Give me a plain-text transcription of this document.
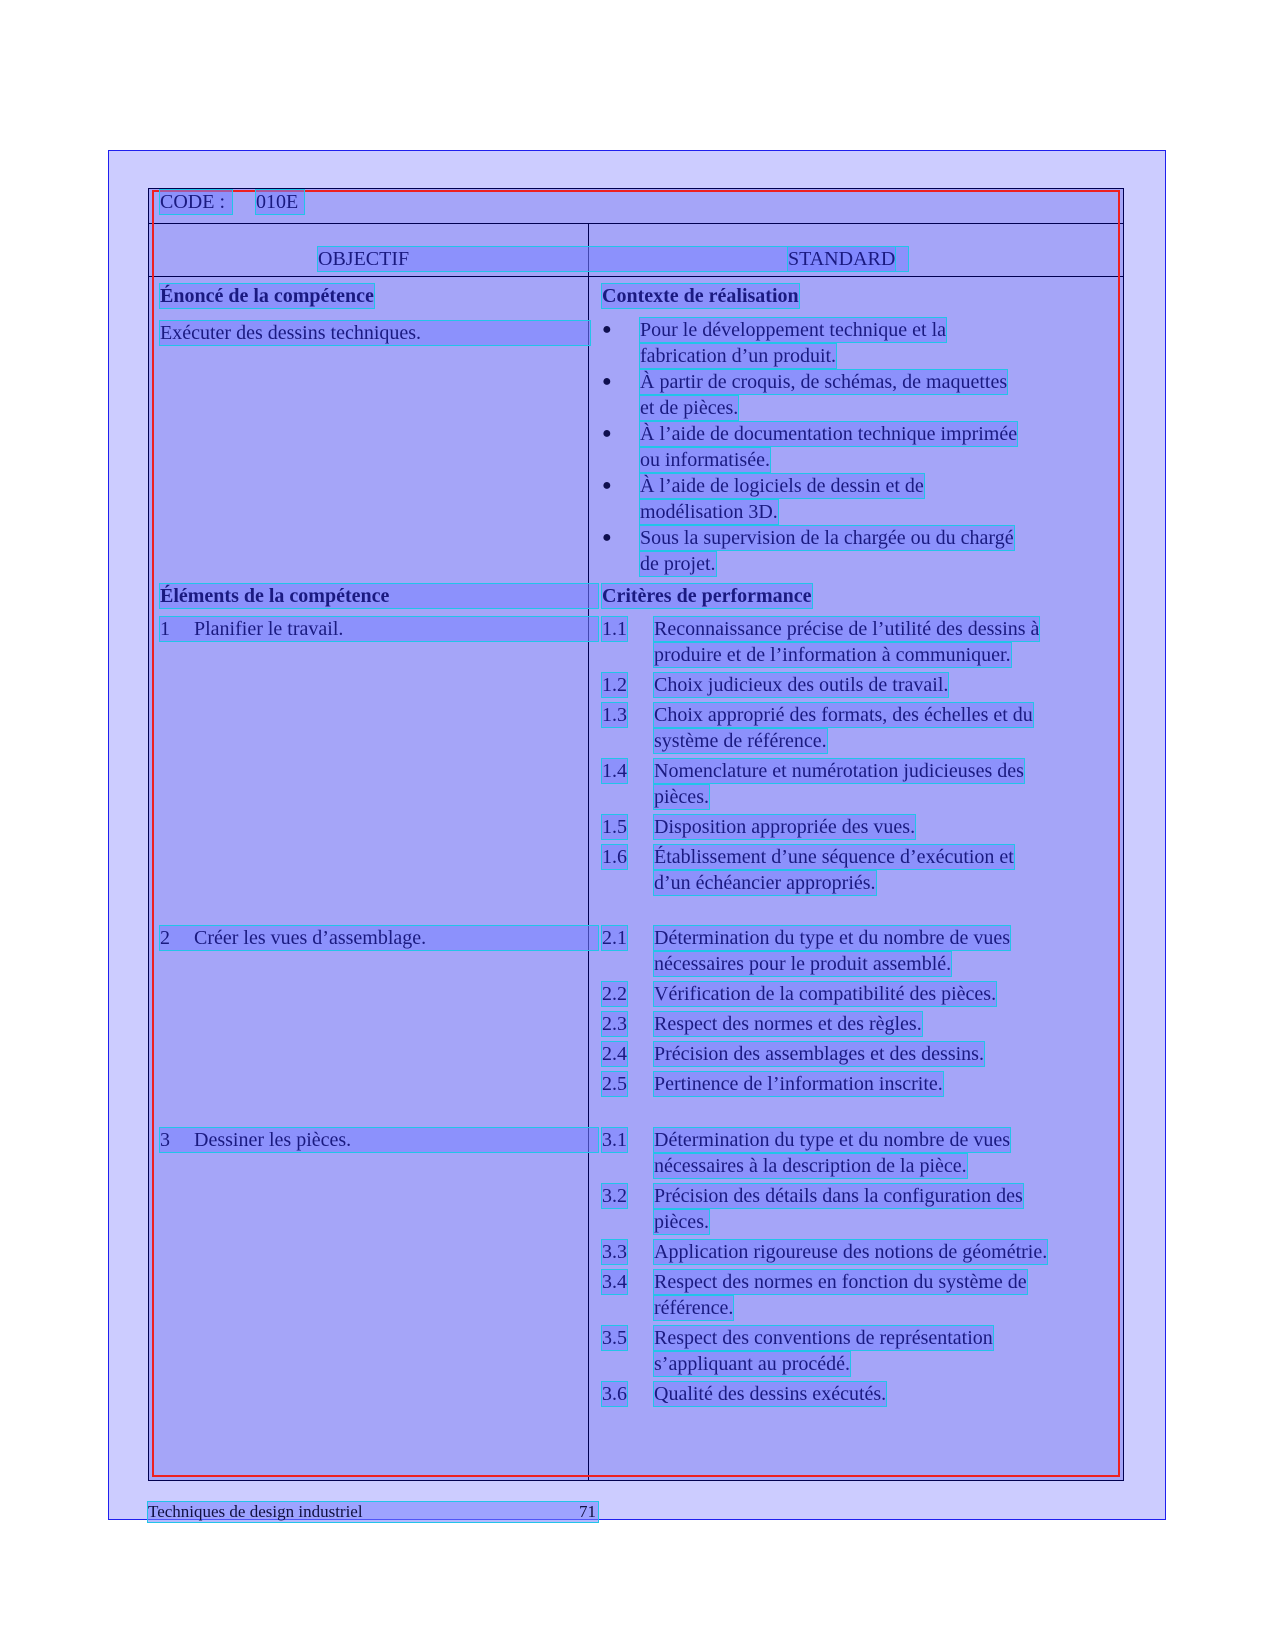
CODE :	010E
OBJECTIF	STANDARD
Énoncé de la compétence	Contexte de réalisation
Exécuter des dessins techniques.	● Pour le développement technique et la
fabrication d’un produit.
● À partir de croquis, de schémas, de maquettes
et de pièces.
● À l’aide de documentation technique imprimée
ou informatisée.
● À l’aide de logiciels de dessin et de
modélisation 3D.
● Sous la supervision de la chargée ou du chargé
de projet.
Éléments de la compétence	Critères de performance
1 Planifier le travail.	1.1 Reconnaissance précise de l’utilité des dessins à
produire et de l’information à communiquer.
1.2 Choix judicieux des outils de travail.
1.3 Choix approprié des formats, des échelles et du
système de référence.
1.4 Nomenclature et numérotation judicieuses des
pièces.
1.5 Disposition appropriée des vues.
1.6 Établissement d’une séquence d’exécution et
d’un échéancier appropriés.
2 Créer les vues d’assemblage.	2.1 Détermination du type et du nombre de vues
nécessaires pour le produit assemblé.
2.2 Vérification de la compatibilité des pièces.
2.3 Respect des normes et des règles.
2.4 Précision des assemblages et des dessins.
2.5 Pertinence de l’information inscrite.
3 Dessiner les pièces.	3.1 Détermination du type et du nombre de vues
nécessaires à la description de la pièce.
3.2 Précision des détails dans la configuration des
pièces.
3.3 Application rigoureuse des notions de géométrie.
3.4 Respect des normes en fonction du système de
référence.
3.5 Respect des conventions de représentation
s’appliquant au procédé.
3.6 Qualité des dessins exécutés.
Techniques de design industriel	71
